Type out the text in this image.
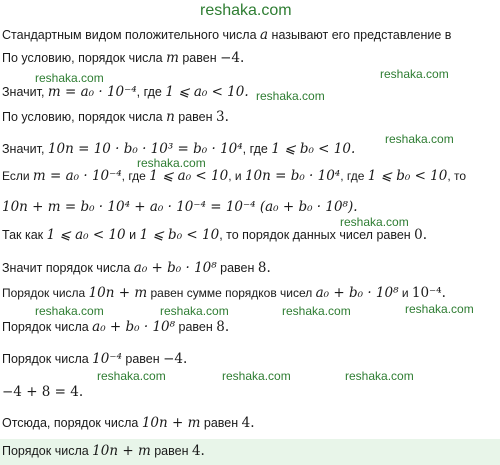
reshaka.com
Стандартным видом положительного числа a называют его представление в
По условию, порядок числа m равен −4.
reshaka.com	reshaka.com
Значит, m = a₀ · 10⁻⁴, где 1 ⩽ a₀ < 10. reshaka.com
По условию, порядок числа n равен 3.
reshaka.com
Значит, 10n = 10 · b₀ · 10³ = b₀ · 10⁴, где 1 ⩽ b₀ < 10.
reshaka.com
Если m = a₀ · 10⁻⁴, где 1 ⩽ a₀ < 10, и 10n = b₀ · 10⁴, где 1 ⩽ b₀ < 10, то
10n + m = b₀ · 10⁴ + a₀ · 10⁻⁴ = 10⁻⁴ (a₀ + b₀ · 10⁸).
reshaka.com
Так как 1 ⩽ a₀ < 10 и 1 ⩽ b₀ < 10, то порядок данных чисел равен 0.
Значит порядок числа a₀ + b₀ · 10⁸ равен 8.
Порядок числа 10n + m равен сумме порядков чисел a₀ + b₀ · 10⁸ и 10⁻⁴.
reshaka.com	reshaka.com	reshaka.com	reshaka.com
Порядок числа a₀ + b₀ · 10⁸ равен 8.
Порядок числа 10⁻⁴ равен −4.
reshaka.com	reshaka.com	reshaka.com
−4 + 8 = 4.
Отсюда, порядок числа 10n + m равен 4.
Порядок числа 10n + m равен 4.
